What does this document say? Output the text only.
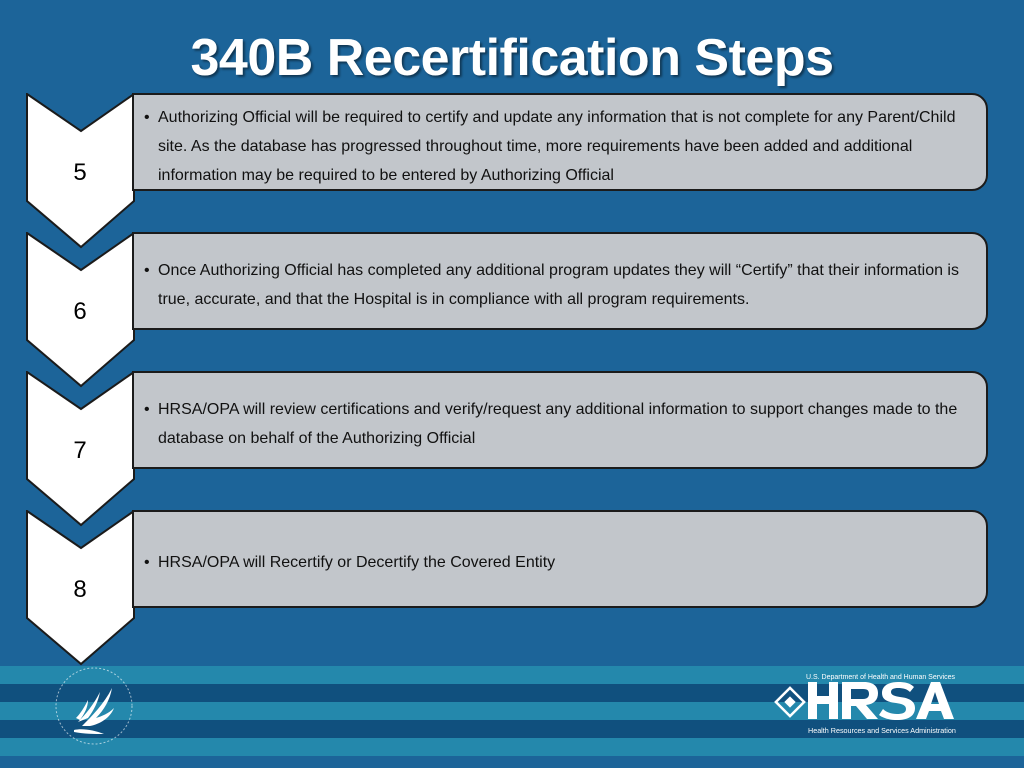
340B Recertification Steps
5
• Authorizing Official will be required to certify and update any information that is not complete for any Parent/Child site. As the database has progressed throughout time, more requirements have been added and additional information may be required to be entered by Authorizing Official
6
• Once Authorizing Official has completed any additional program updates they will “Certify” that their information is true, accurate, and that the Hospital is in compliance with all program requirements.
7
• HRSA/OPA will review certifications and verify/request any additional information to support changes made to the database on behalf of the Authorizing Official
8
• HRSA/OPA will Recertify or Decertify the Covered Entity
U.S. Department of Health and Human Services
Health Resources and Services Administration
